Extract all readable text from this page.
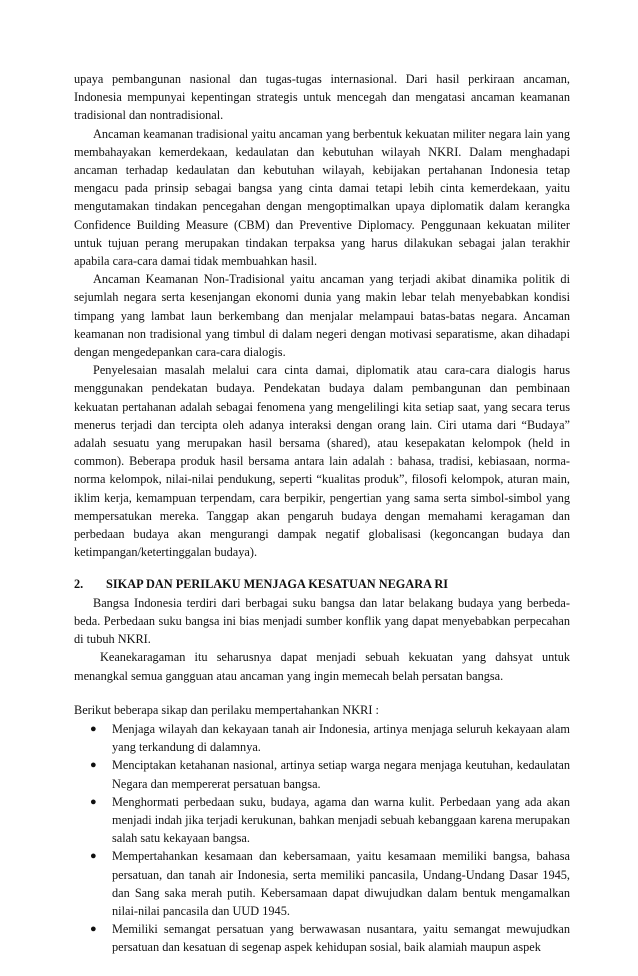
upaya pembangunan nasional dan tugas-tugas internasional. Dari hasil perkiraan ancaman, Indonesia mempunyai kepentingan strategis untuk mencegah dan mengatasi ancaman keamanan tradisional dan nontradisional.

Ancaman keamanan tradisional yaitu ancaman yang berbentuk kekuatan militer negara lain yang membahayakan kemerdekaan, kedaulatan dan kebutuhan wilayah NKRI. Dalam menghadapi ancaman terhadap kedaulatan dan kebutuhan wilayah, kebijakan pertahanan Indonesia tetap mengacu pada prinsip sebagai bangsa yang cinta damai tetapi lebih cinta kemerdekaan, yaitu mengutamakan tindakan pencegahan dengan mengoptimalkan upaya diplomatik dalam kerangka Confidence Building Measure (CBM) dan Preventive Diplomacy. Penggunaan kekuatan militer untuk tujuan perang merupakan tindakan terpaksa yang harus dilakukan sebagai jalan terakhir apabila cara-cara damai tidak membuahkan hasil.

Ancaman Keamanan Non-Tradisional yaitu ancaman yang terjadi akibat dinamika politik di sejumlah negara serta kesenjangan ekonomi dunia yang makin lebar telah menyebabkan kondisi timpang yang lambat laun berkembang dan menjalar melampaui batas-batas negara. Ancaman keamanan non tradisional yang timbul di dalam negeri dengan motivasi separatisme, akan dihadapi dengan mengedepankan cara-cara dialogis.

Penyelesaian masalah melalui cara cinta damai, diplomatik atau cara-cara dialogis harus menggunakan pendekatan budaya. Pendekatan budaya dalam pembangunan dan pembinaan kekuatan pertahanan adalah sebagai fenomena yang mengelilingi kita setiap saat, yang secara terus menerus terjadi dan tercipta oleh adanya interaksi dengan orang lain. Ciri utama dari “Budaya” adalah sesuatu yang merupakan hasil bersama (shared), atau kesepakatan kelompok (held in common). Beberapa produk hasil bersama antara lain adalah : bahasa, tradisi, kebiasaan, norma-norma kelompok, nilai-nilai pendukung, seperti “kualitas produk”, filosofi kelompok, aturan main, iklim kerja, kemampuan terpendam, cara berpikir, pengertian yang sama serta simbol-simbol yang mempersatukan mereka. Tanggap akan pengaruh budaya dengan memahami keragaman dan perbedaan budaya akan mengurangi dampak negatif globalisasi (kegoncangan budaya dan ketimpangan/ketertinggalan budaya).

2.	SIKAP DAN PERILAKU MENJAGA KESATUAN NEGARA RI

Bangsa Indonesia terdiri dari berbagai suku bangsa dan latar belakang budaya yang berbeda-beda. Perbedaan suku bangsa ini bias menjadi sumber konflik yang dapat menyebabkan perpecahan di tubuh NKRI.

Keanekaragaman itu seharusnya dapat menjadi sebuah kekuatan yang dahsyat untuk menangkal semua gangguan atau ancaman yang ingin memecah belah persatan bangsa.

Berikut beberapa sikap dan perilaku mempertahankan NKRI :

● Menjaga wilayah dan kekayaan tanah air Indonesia, artinya menjaga seluruh kekayaan alam yang terkandung di dalamnya.
● Menciptakan ketahanan nasional, artinya setiap warga negara menjaga keutuhan, kedaulatan Negara dan mempererat persatuan bangsa.
● Menghormati perbedaan suku, budaya, agama dan warna kulit. Perbedaan yang ada akan menjadi indah jika terjadi kerukunan, bahkan menjadi sebuah kebanggaan karena merupakan salah satu kekayaan bangsa.
● Mempertahankan kesamaan dan kebersamaan, yaitu kesamaan memiliki bangsa, bahasa persatuan, dan tanah air Indonesia, serta memiliki pancasila, Undang-Undang Dasar 1945, dan Sang saka merah putih. Kebersamaan dapat diwujudkan dalam bentuk mengamalkan nilai-nilai pancasila dan UUD 1945.
● Memiliki semangat persatuan yang berwawasan nusantara, yaitu semangat mewujudkan persatuan dan kesatuan di segenap aspek kehidupan sosial, baik alamiah maupun aspek
